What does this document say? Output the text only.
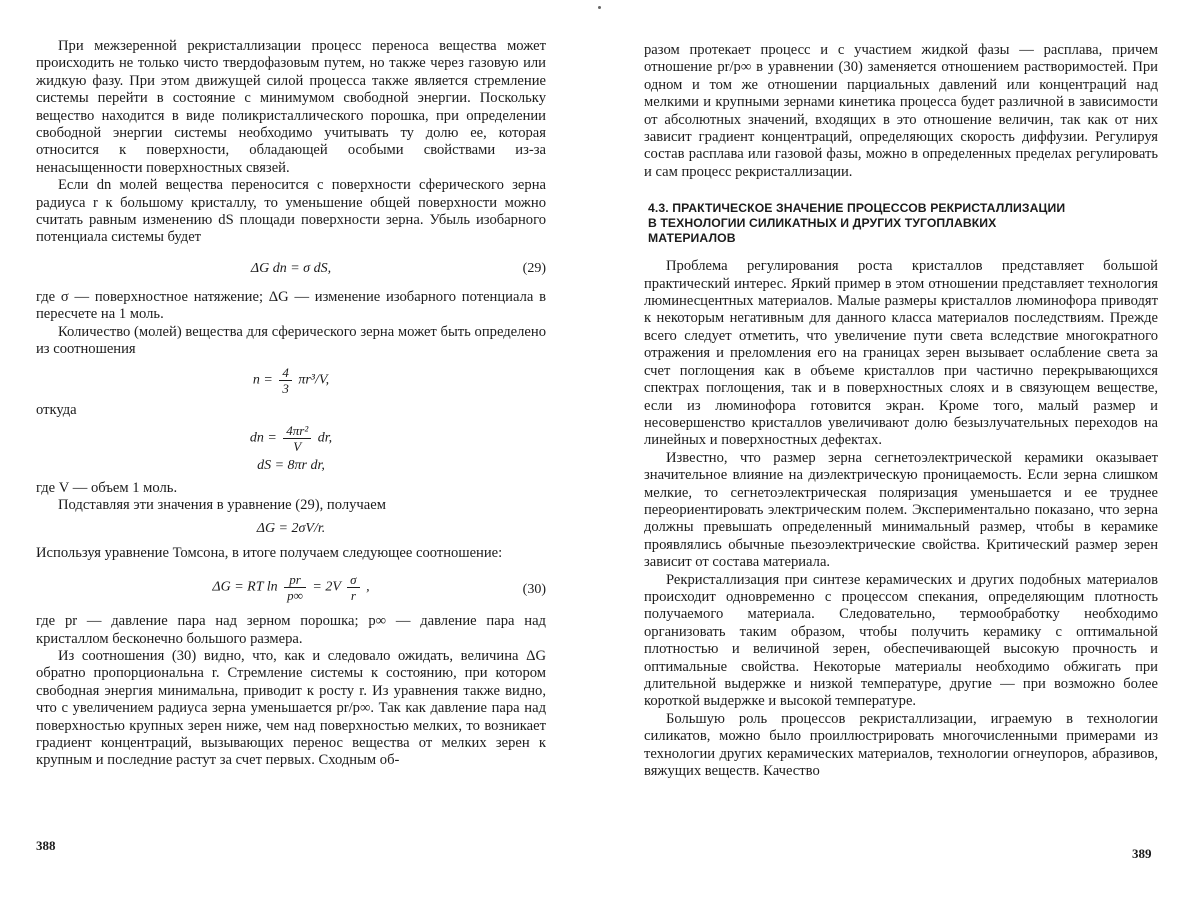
При межзеренной рекристаллизации процесс переноса вещества может происходить не только чисто твердофазовым путем, но также через газовую или жидкую фазу. При этом движущей силой процесса также является стремление системы перейти в состояние с минимумом свободной энергии. Поскольку вещество находится в виде поликристаллического порошка, при определении свободной энергии системы необходимо учитывать ту долю ее, которая относится к поверхности, обладающей особыми свойствами из-за ненасыщенности поверхностных связей.

Если dn молей вещества переносится с поверхности сферического зерна радиуса r к большому кристаллу, то уменьшение общей поверхности можно считать равным изменению dS площади поверхности зерна. Убыль изобарного потенциала системы будет

ΔG dn = σ dS,	(29)

где σ — поверхностное натяжение; ΔG — изменение изобарного потенциала в пересчете на 1 моль.

Количество (молей) вещества для сферического зерна может быть определено из соотношения

$n = \frac{4}{3} \pi r^3/V$,

откуда

dn = $\frac{\text{4πr²}}{V}$ dr,
dS = 8πr dr,

где V — объем 1 моль.

Подставляя эти значения в уравнение (29), получаем

ΔG = 2σV/r.

Используя уравнение Томсона, в итоге получаем следующее соотношение:

ΔG = RT $\ln \frac{pr}{p\infty} = 2V \frac{\sigma}{r}$ ,	(30)

где pr — давление пара над зерном порошка; p∞ — давление пара над кристаллом бесконечно большого размера.

Из соотношения (30) видно, что, как и следовало ожидать, величина ΔG обратно пропорциональна r. Стремление системы к состоянию, при котором свободная энергия минимальна, приводит к росту r. Из уравнения также видно, что с увеличением радиуса зерна уменьшается pr/p∞. Так как давление пара над поверхностью крупных зерен ниже, чем над поверхностью мелких, то возникает градиент концентраций, вызывающих перенос вещества от мелких зерен к крупным и последние растут за счет первых. Сходным об-

388

разом протекает процесс и с участием жидкой фазы — расплава, причем отношение pr/p∞ в уравнении (30) заменяется отношением растворимостей. При одном и том же отношении парциальных давлений или концентраций над мелкими и крупными зернами кинетика процесса будет различной в зависимости от абсолютных значений, входящих в это отношение величин, так как от них зависит градиент концентраций, определяющих скорость диффузии. Регулируя состав расплава или газовой фазы, можно в определенных пределах регулировать и сам процесс рекристаллизации.

4.3. ПРАКТИЧЕСКОЕ ЗНАЧЕНИЕ ПРОЦЕССОВ РЕКРИСТАЛЛИЗАЦИИ
В ТЕХНОЛОГИИ СИЛИКАТНЫХ И ДРУГИХ ТУГОПЛАВКИХ
МАТЕРИАЛОВ

Проблема регулирования роста кристаллов представляет большой практический интерес. Яркий пример в этом отношении представляет технология люминесцентных материалов. Малые размеры кристаллов люминофора приводят к некоторым негативным для данного класса материалов последствиям. Прежде всего следует отметить, что увеличение пути света вследствие многократного отражения и преломления его на границах зерен вызывает ослабление света за счет поглощения как в объеме кристаллов при частично перекрывающихся спектрах поглощения, так и в поверхностных слоях и в связующем веществе, если из люминофора готовится экран. Кроме того, малый размер и несовершенство кристаллов увеличивают долю безызлучательных переходов на линейных и поверхностных дефектах.

Известно, что размер зерна сегнетоэлектрической керамики оказывает значительное влияние на диэлектрическую проницаемость. Если зерна слишком мелкие, то сегнетоэлектрическая поляризация уменьшается и ее труднее переориентировать электрическим полем. Экспериментально показано, что зерна должны превышать определенный минимальный размер, чтобы в керамике проявлялись обычные пьезоэлектрические свойства. Критический размер зерен зависит от состава материала.

Рекристаллизация при синтезе керамических и других подобных материалов происходит одновременно с процессом спекания, определяющим плотность получаемого материала. Следовательно, термообработку необходимо организовать таким образом, чтобы получить керамику с оптимальной плотностью и величиной зерен, обеспечивающей высокую прочность и оптимальные свойства. Некоторые материалы необходимо обжигать при длительной выдержке и низкой температуре, другие — при возможно более короткой выдержке и высокой температуре.

Большую роль процессов рекристаллизации, играемую в технологии силикатов, можно было проиллюстрировать многочисленными примерами из технологии других керамических материалов, технологии огнеупоров, абразивов, вяжущих веществ. Качество

389
